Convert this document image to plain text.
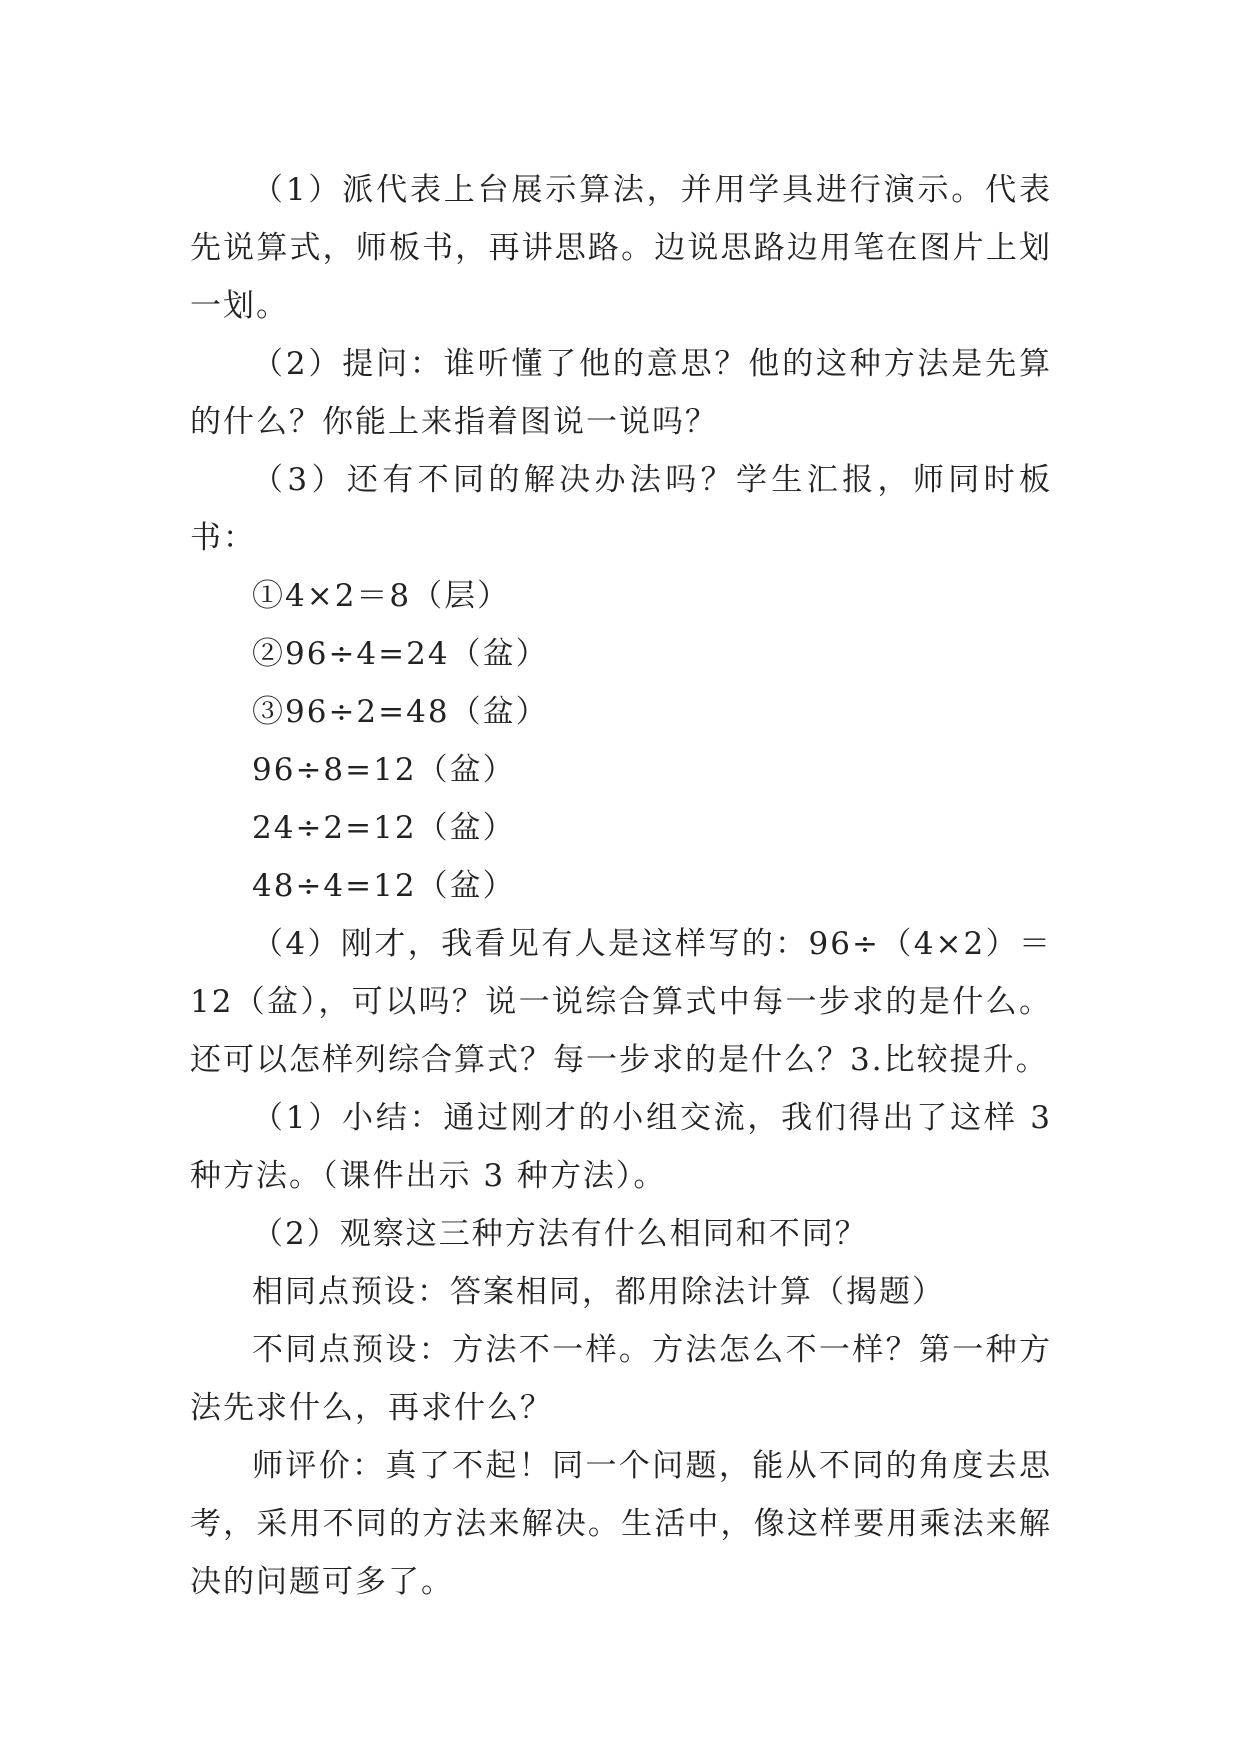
（1）派代表上台展示算法，并用学具进行演示。代表先说算式，师板书，再讲思路。边说思路边用笔在图片上划一划。

（2）提问：谁听懂了他的意思？他的这种方法是先算的什么？你能上来指着图说一说吗？

（3）还有不同的解决办法吗？学生汇报，师同时板书：

①4×2＝8（层）

②96÷4=24（盆）

③96÷2=48（盆）

96÷8=12（盆）

24÷2=12（盆）

48÷4=12（盆）

（4）刚才，我看见有人是这样写的：96÷（4×2）＝12（盆），可以吗？说一说综合算式中每一步求的是什么。还可以怎样列综合算式？每一步求的是什么？3.比较提升。

（1）小结：通过刚才的小组交流，我们得出了这样 3 种方法。（课件出示 3 种方法）。

（2）观察这三种方法有什么相同和不同？

相同点预设：答案相同，都用除法计算（揭题）

不同点预设：方法不一样。方法怎么不一样？第一种方法先求什么，再求什么？

师评价：真了不起！同一个问题，能从不同的角度去思考，采用不同的方法来解决。生活中，像这样要用乘法来解决的问题可多了。
